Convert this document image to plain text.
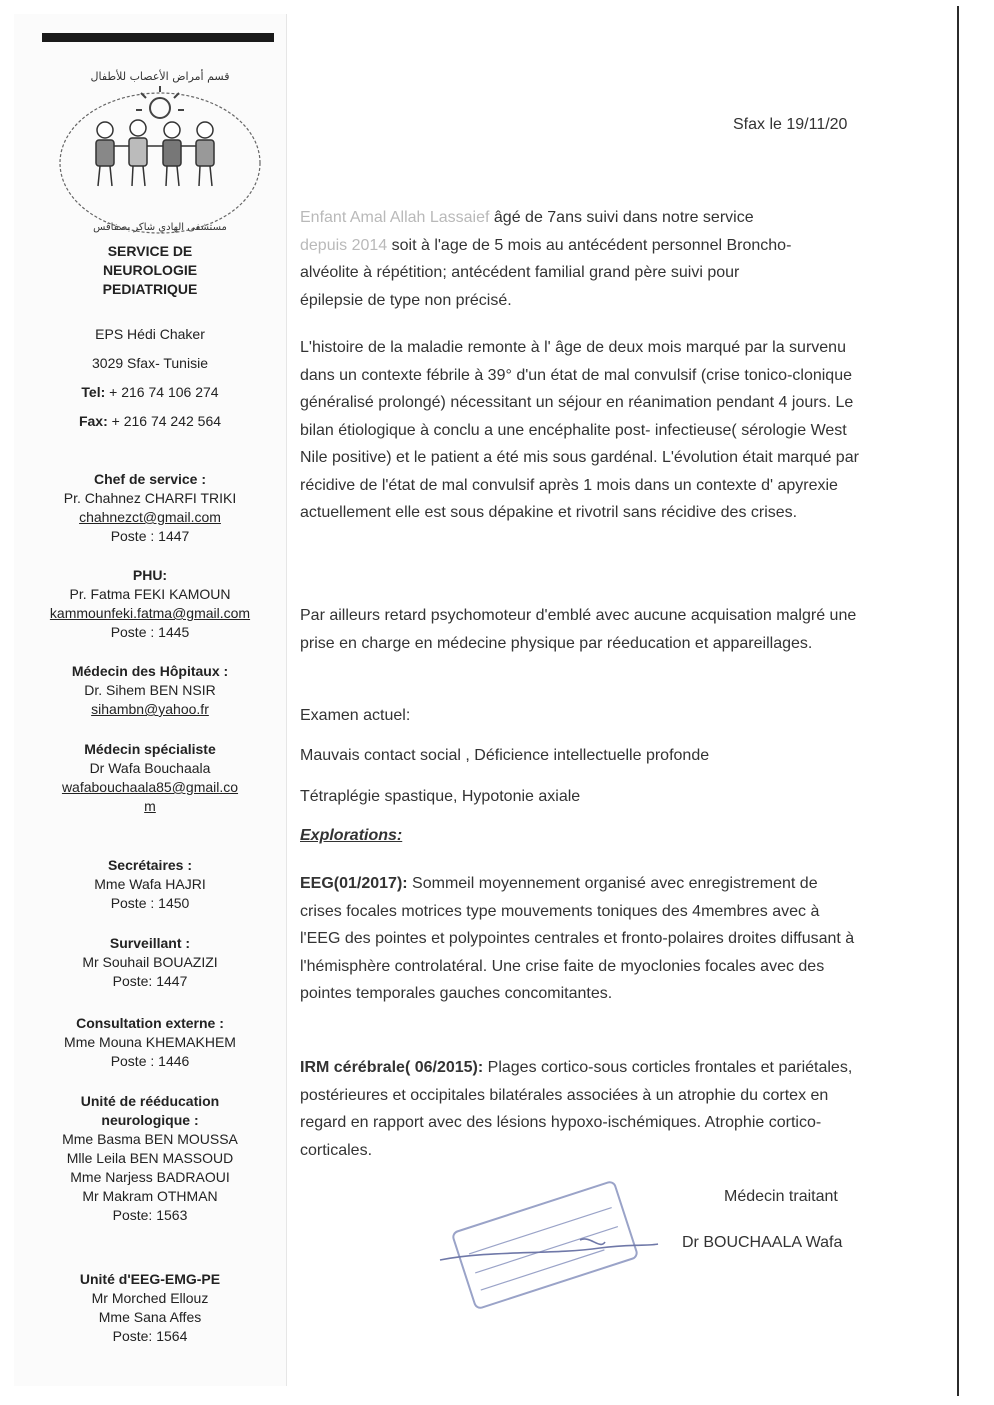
قسم أمراض الأعصاب للأطفال
مستشفى الهادي شاكر بصفاقس
SERVICE DE
NEUROLOGIE
PEDIATRIQUE
EPS Hédi Chaker
3029 Sfax- Tunisie
Tel: + 216 74 106 274
Fax: + 216 74 242 564
Chef de service :
Pr. Chahnez CHARFI TRIKI
chahnezct@gmail.com
Poste : 1447
PHU:
Pr. Fatma FEKI KAMOUN
kammounfeki.fatma@gmail.com
Poste : 1445
Médecin des Hôpitaux :
Dr. Sihem BEN NSIR
sihambn@yahoo.fr
Médecin spécialiste
Dr Wafa Bouchaala
wafabouchaala85@gmail.co
m
Secrétaires :
Mme Wafa HAJRI
Poste : 1450
Surveillant :
Mr Souhail BOUAZIZI
Poste: 1447
Consultation externe :
Mme Mouna KHEMAKHEM
Poste : 1446
Unité de rééducation
neurologique :
Mme Basma BEN MOUSSA
Mlle Leila BEN MASSOUD
Mme Narjess BADRAOUI
Mr Makram OTHMAN
Poste: 1563
Unité d'EEG-EMG-PE
Mr Morched Ellouz
Mme Sana Affes
Poste: 1564
Sfax le 19/11/20
Enfant Amal Allah Lassaief âgé de 7ans suivi dans notre service
depuis 2014 soit à l'age de 5 mois au antécédent personnel Broncho-
alvéolite à répétition; antécédent familial grand père suivi pour
épilepsie de type non précisé.
L'histoire de la maladie remonte à l' âge de deux mois marqué par la survenu dans un contexte fébrile à 39° d'un état de mal convulsif (crise tonico-clonique généralisé prolongé) nécessitant un séjour en réanimation pendant 4 jours. Le bilan étiologique à conclu a une encéphalite post- infectieuse( sérologie West Nile positive) et le patient a été mis sous gardénal. L'évolution était marqué par récidive de l'état de mal convulsif après 1 mois dans un contexte d' apyrexie actuellement elle est sous dépakine et rivotril sans récidive des crises.
Par ailleurs retard psychomoteur d'emblé avec aucune acquisation malgré une prise en charge en médecine physique par réeducation et appareillages.
Examen actuel:
Mauvais contact social , Déficience intellectuelle profonde
Tétraplégie spastique, Hypotonie axiale
Explorations:
EEG(01/2017): Sommeil moyennement organisé avec enregistrement de crises focales motrices type mouvements toniques des 4membres avec à l'EEG des pointes et polypointes centrales et fronto-polaires droites diffusant à l'hémisphère controlatéral. Une crise faite de myoclonies focales avec des pointes temporales gauches concomitantes.
IRM cérébrale( 06/2015): Plages cortico-sous corticles frontales et pariétales, postérieures et occipitales bilatérales associées à un atrophie du cortex en regard en rapport avec des lésions hypoxo-ischémiques. Atrophie cortico-corticales.
Médecin traitant
Dr BOUCHAALA Wafa
